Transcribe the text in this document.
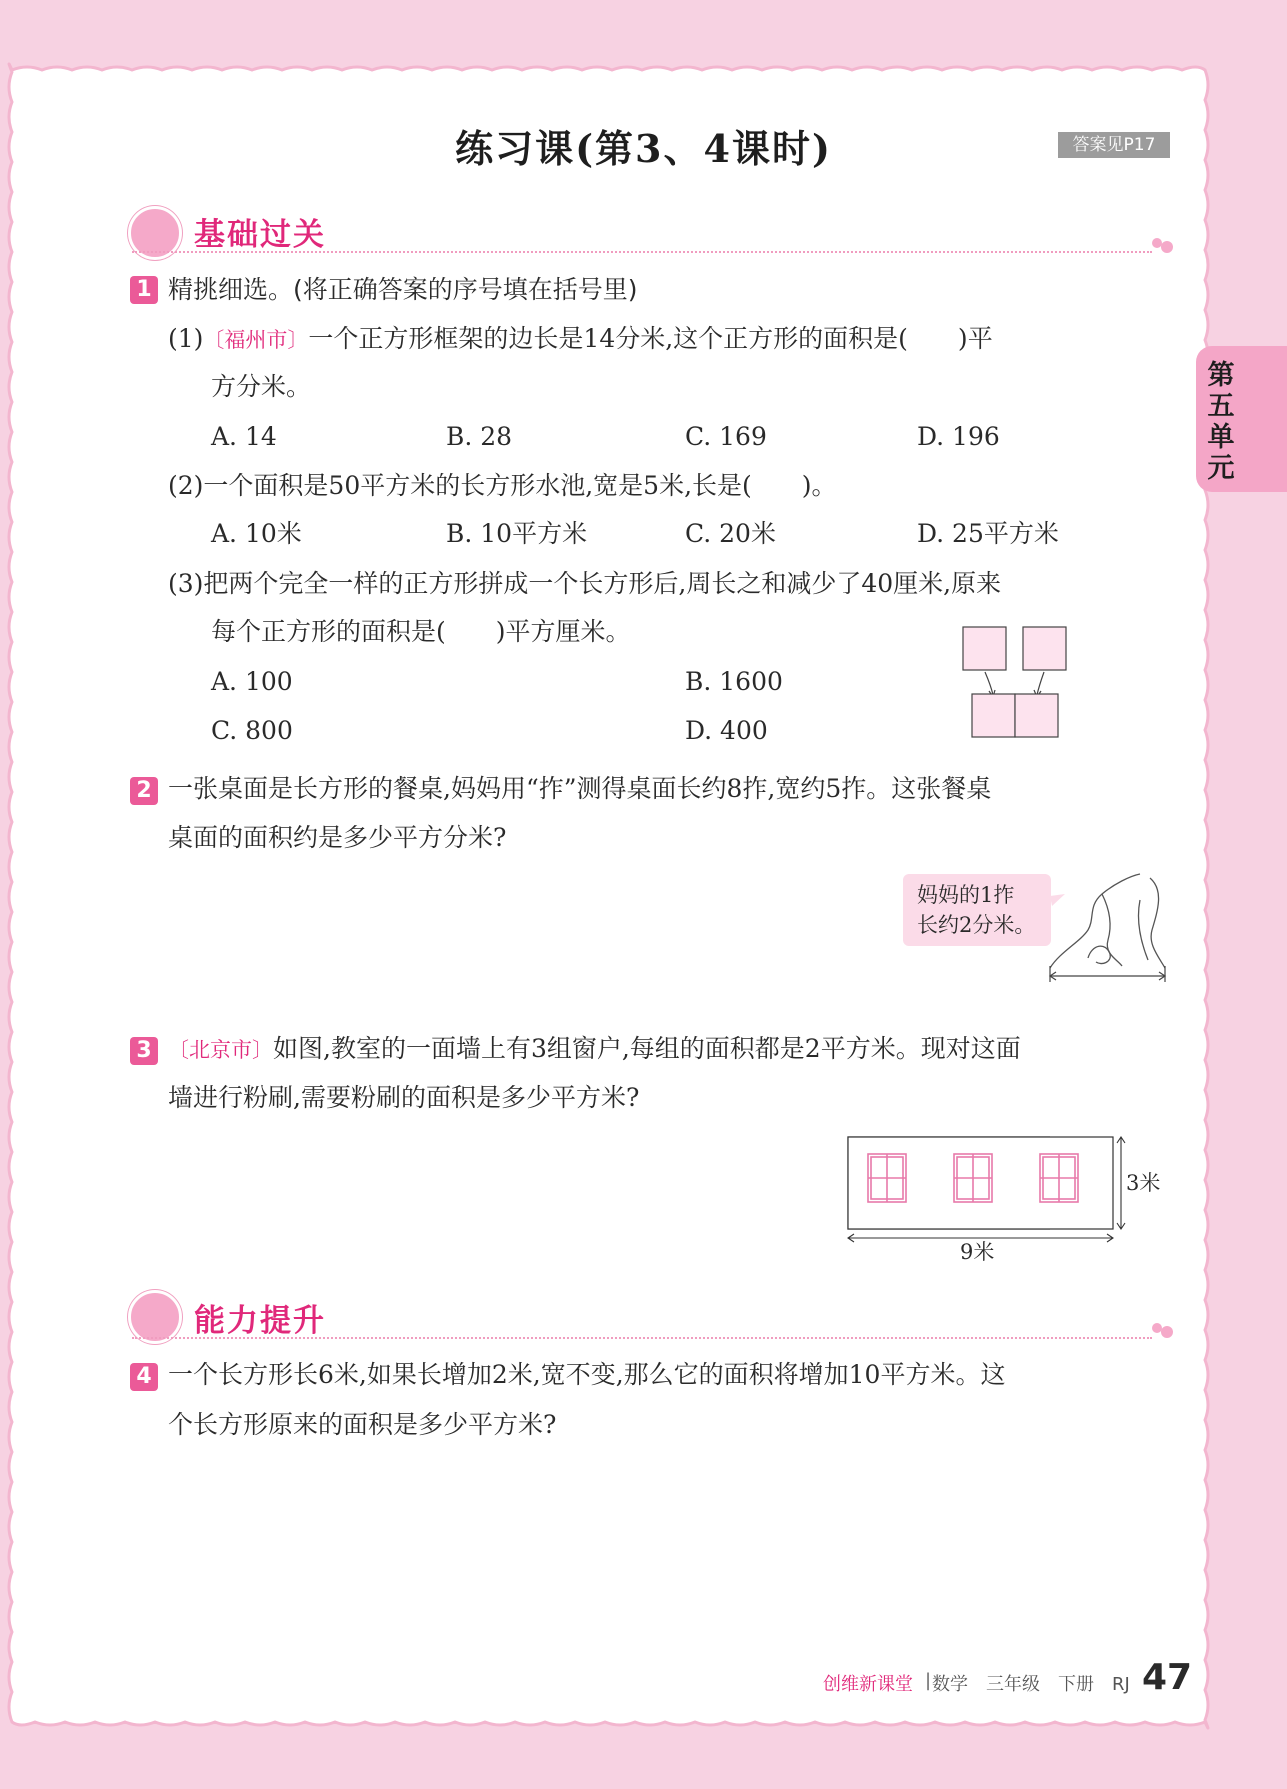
练习课(第3、4课时)	答案见P17
第五单元
基础过关
1 精挑细选。(将正确答案的序号填在括号里)
(1)〔福州市〕一个正方形框架的边长是14分米,这个正方形的面积是(　　)平
方分米。
A. 14	B. 28	C. 169	D. 196
(2)一个面积是50平方米的长方形水池,宽是5米,长是(　　)。
A. 10米	B. 10平方米	C. 20米	D. 25平方米
(3)把两个完全一样的正方形拼成一个长方形后,周长之和减少了40厘米,原来
每个正方形的面积是(　　)平方厘米。
A. 100	B. 1600
C. 800	D. 400
2 一张桌面是长方形的餐桌,妈妈用“拃”测得桌面长约8拃,宽约5拃。这张餐桌
桌面的面积约是多少平方分米?
妈妈的1拃
长约2分米。
3 〔北京市〕如图,教室的一面墙上有3组窗户,每组的面积都是2平方米。现对这面
墙进行粉刷,需要粉刷的面积是多少平方米?
3米
9米
能力提升
4 一个长方形长6米,如果长增加2米,宽不变,那么它的面积将增加10平方米。这
个长方形原来的面积是多少平方米?
创维新课堂 | 数学　三年级　下册　RJ 47
